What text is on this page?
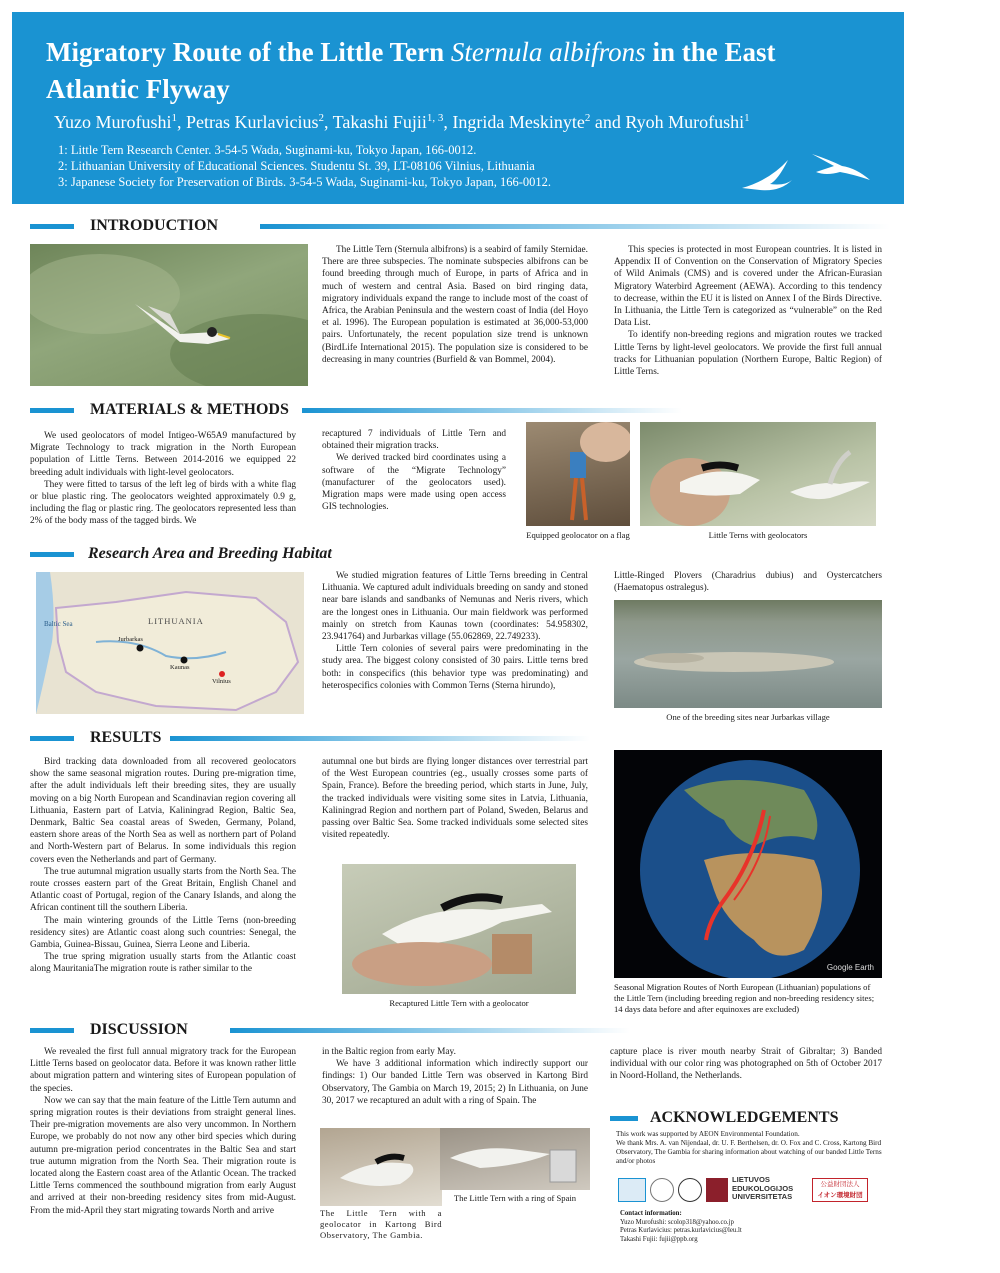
Migratory Route of the Little Tern Sternula albifrons in the East Atlantic Flyway
Yuzo Murofushi$^1$, Petras Kurlavicius$^2$, Takashi Fujii$^{1, 3}$, Ingrida Meskinyte$^2$ and Ryoh Murofushi$^1$
1: Little Tern Research Center. 3-54-5 Wada, Suginami-ku, Tokyo Japan, 166-0012.
2: Lithuanian University of Educational Sciences. Studentu St. 39, LT-08106 Vilnius, Lithuania
3: Japanese Society for Preservation of Birds. 3-54-5 Wada, Suginami-ku, Tokyo Japan, 166-0012.
INTRODUCTION

The Little Tern (Sternula albifrons) is a seabird of family Sternidae. There are three subspecies. The nominate subspecies albifrons can be found breeding through much of Europe, in parts of Africa and in much of western and central Asia. Based on bird ringing data, migratory individuals expand the range to include most of the coast of Africa, the Arabian Peninsula and the western coast of India (del Hoyo et al. 1996). The European population is estimated at 36,000-53,000 pairs. Unfortunately, the recent population size trend is unknown (BirdLife International 2015). The population size is considered to be decreasing in many countries (Burfield & van Bommel, 2004).

This species is protected in most European countries. It is listed in Appendix II of Convention on the Conservation of Migratory Species of Wild Animals (CMS) and is covered under the African-Eurasian Migratory Waterbird Agreement (AEWA). According to this tendency to decrease, within the EU it is listed on Annex I of the Birds Directive. In Lithuania, the Little Tern is categorized as “vulnerable” on the Red Data List.

To identify non-breeding regions and migration routes we tracked Little Terns by light-level geolocators. We provide the first full annual tracks for Lithuanian population (Northern Europe, Baltic Region) of Little Terns.

MATERIALS & METHODS

We used geolocators of model Intigeo-W65A9 manufactured by Migrate Technology to track migration in the North European population of Little Terns. Between 2014-2016 we equipped 22 breeding adult individuals with light-level geolocators.

They were fitted to tarsus of the left leg of birds with a white flag or blue plastic ring. The geolocators weighted approximately 0.9 g, including the flag or plastic ring. The geolocators represented less than 2% of the body mass of the tagged birds. We

recaptured 7 individuals of Little Tern and obtained their migration tracks.

We derived tracked bird coordinates using a software of the “Migrate Technology” (manufacturer of the geolocators used). Migration maps were made using open access GIS technologies.

Equipped geolocator on a flag	Little Terns with geolocators
Research Area and Breeding Habitat
Baltic Sea	LITHUANIA
Jurbarkas
Kaunas
Vilnius

We studied migration features of Little Terns breeding in Central Lithuania. We captured adult individuals breeding on sandy and stoned near bare islands and sandbanks of Nemunas and Neris rivers, which are the longest ones in Lithuania. Our main fieldwork was performed mainly on stretch from Kaunas town (coordinates: 54.958302, 23.941764) and Jurbarkas village (55.062869, 22.749233).

Little Tern colonies of several pairs were predominating in the study area. The biggest colony consisted of 30 pairs. Little terns bred both: in conspecifics (this behavior type was predominating) and heterospecifics colonies with Common Terns (Sterna hirundo),

Little-Ringed Plovers (Charadrius dubius) and Oystercatchers (Haematopus ostralegus).

One of the breeding sites near Jurbarkas village
RESULTS

Bird tracking data downloaded from all recovered geolocators show the same seasonal migration routes. During pre-migration time, after the adult individuals left their breeding sites, they are usually moving on a big North European and Scandinavian region covering all Lithuania, Eastern part of Latvia, Kaliningrad Region, Baltic Sea, Denmark, Baltic Sea coastal areas of Sweden, Germany, Poland, eastern shore areas of the North Sea as well as northern part of Poland and North-Western part of Belarus. In some individuals this region covers even the Netherlands and part of Germany.

The true autumnal migration usually starts from the North Sea. The route crosses eastern part of the Great Britain, English Chanel and Atlantic coast of Portugal, region of the Canary Islands, and along the African continent till the southern Liberia.

The main wintering grounds of the Little Terns (non-breeding residency sites) are Atlantic coast along such countries: Senegal, the Gambia, Guinea-Bissau, Guinea, Sierra Leone and Liberia.

The true spring migration usually starts from the Atlantic coast along MauritaniaThe migration route is rather similar to the

autumnal one but birds are flying longer distances over terrestrial part of the West European countries (eg., usually crosses some parts of Spain, France). Before the breeding period, which starts in June, July, the tracked individuals were visiting some sites in Latvia, Lithuania, Kaliningrad Region and northern part of Poland, Sweden, Belarus and passing over Baltic Sea. Some tracked individuals some selected sites visited repeatedly.

Recaptured Little Tern with a geolocator
Google Earth
Seasonal Migration Routes of North European (Lithuanian) populations of the Little Tern (including breeding region and non-breeding residency sites; 14 days data before and after equinoxes are excluded)
DISCUSSION

We revealed the first full annual migratory track for the European Little Terns based on geolocator data. Before it was known rather little about migration pattern and wintering sites of European population of the species.

Now we can say that the main feature of the Little Tern autumn and spring migration routes is their deviations from straight general lines. Their pre-migration movements are also very uncommon. In Northern Europe, we probably do not now any other bird species which during autumn pre-migration period concentrates in the Baltic Sea and start true autumn migration from the North Sea. Their migration route is located along the Eastern coast area of the Atlantic Ocean. The tracked Little Terns commenced the southbound migration from early August and arrived at their non-breeding residency sites from mid-August. From the mid-April they start migrating towards North and arrive

in the Baltic region from early May.

We have 3 additional information which indirectly support our findings: 1) Our banded Little Tern was observed in Kartong Bird Observatory, The Gambia on March 19, 2015; 2) In Lithuania, on June 30, 2017 we recaptured an adult with a ring of Spain. The

The Little Tern with a geolocator in Kartong Bird Observatory, The Gambia.
The Little Tern with a ring of Spain

capture place is river mouth nearby Strait of Gibraltar; 3) Banded individual with our color ring was photographed on 5th of October 2017 in Noord-Holland, the Netherlands.

ACKNOWLEDGEMENTS
This work was supported by AEON Environmental Foundation.
We thank Mrs. A. van Nijendaal, dr. U. F. Berthelsen, dr. O. Fox and C. Cross, Kartong Bird Observatory, The Gambia for sharing information about watching of our banded Little Terns and/or photos
LIETUVOS
EDUKOLOGIJOS
UNIVERSITETAS
公益財団法人
イオン環境財団
Contact information:
Yuzo Murofushi: scolop318@yahoo.co.jp
Petras Kurlavicius: petras.kurlavicius@leu.lt
Takashi Fujii: fujii@ppb.org
